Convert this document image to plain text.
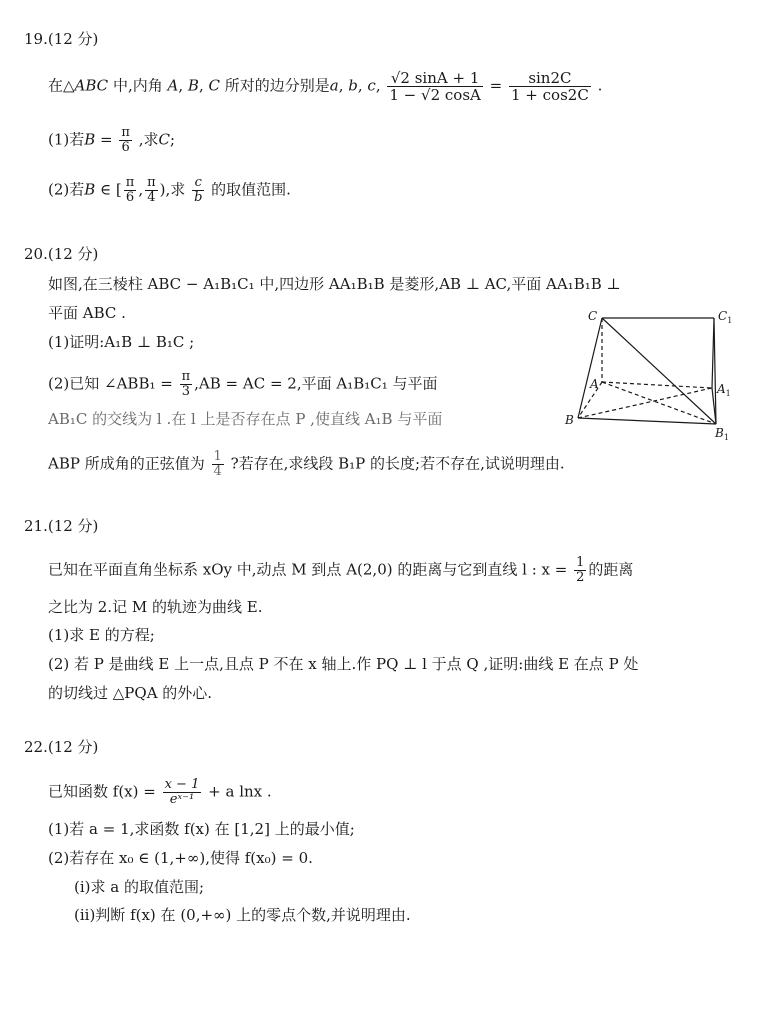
19.(12 分)
在△ABC 中,内角 A, B, C 所对的边分别是a, b, c, $\frac{√2 \sin A + 1}{1 - √2 \cos A} = \frac{\sin 2C}{1 + \cos 2C}$ .
(1)若$B = \frac{\pi}{6}$ ,求C;
(2)若B ∈ [ $\frac{\pi}{6}$ , $\frac{\pi}{4}$ ),求 $\frac{c}{b}$ 的取值范围.
20.(12 分)
如图,在三棱柱 ABC − A₁B₁C₁ 中,四边形 AA₁B₁B 是菱形,AB ⊥ AC,平面 AA₁B₁B ⊥
平面 ABC .
(1)证明:A₁B ⊥ B₁C ;
(2)已知 ∠ABB₁ = $\frac{\pi}{3} ,AB$ = AC = 2,平面 A₁B₁C₁ 与平面
AB₁C 的交线为 l .在 l 上是否存在点 P ,使直线 A₁B 与平面
ABP 所成角的正弦值为 $\frac{1}{4}$ ?若存在,求线段 B₁P 的长度;若不存在,试说明理由.
C	$C_1$
A	$A_1$
B
$B_1$
21.(12 分)
已知在平面直角坐标系 xOy 中,动点 M 到点 A(2,0) 的距离与它到直线 l : $x = \frac{1}{2}$ 的距离
之比为 2.记 M 的轨迹为曲线 E.
(1)求 E 的方程;
(2) 若 P 是曲线 E 上一点,且点 P 不在 x 轴上.作 PQ ⊥ l 于点 Q ,证明:曲线 E 在点 P 处
的切线过 △PQA 的外心.
22.(12 分)
已知函数 $f(x) = \frac{x - 1}{\text{eˣ⁻¹}} + a$ lnx .
(1)若 a = 1,求函数 f(x) 在 [1,2] 上的最小值;
(2)若存在 x₀ ∈ (1,+∞),使得 f(x₀) = 0.
(i)求 a 的取值范围;
(ii)判断 f(x) 在 (0,+∞) 上的零点个数,并说明理由.
